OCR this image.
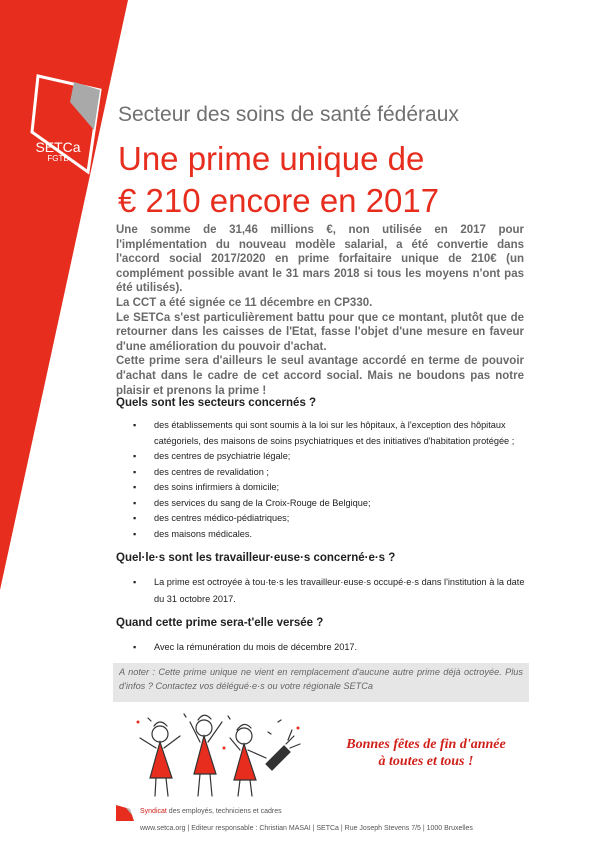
SETCa
FGTB
Secteur des soins de santé fédéraux
Une prime unique de
€ 210 encore en 2017

Une somme de 31,46 millions €, non utilisée en 2017 pour l'implémentation du nouveau modèle salarial, a été convertie dans l'accord social 2017/2020 en prime forfaitaire unique de 210€ (un complément possible avant le 31 mars 2018 si tous les moyens n'ont pas été utilisés).

La CCT a été signée ce 11 décembre en CP330.

Le SETCa s'est particulièrement battu pour que ce montant, plutôt que de retourner dans les caisses de l'Etat, fasse l'objet d'une mesure en faveur d'une amélioration du pouvoir d'achat.

Cette prime sera d'ailleurs le seul avantage accordé en terme de pouvoir d'achat dans le cadre de cet accord social. Mais ne boudons pas notre plaisir et prenons la prime !

Quels sont les secteurs concernés ?
▪ des établissements qui sont soumis à la loi sur les hôpitaux, à l'exception des hôpitaux catégoriels, des maisons de soins psychiatriques et des initiatives d'habitation protégée ;
▪ des centres de psychiatrie légale;
▪ des centres de revalidation ;
▪ des soins infirmiers à domicile;
▪ des services du sang de la Croix-Rouge de Belgique;
▪ des centres médico-pédiatriques;
▪ des maisons médicales.
Quel·le·s sont les travailleur·euse·s concerné·e·s ?
▪ La prime est octroyée à tou·te·s les travailleur·euse·s occupé·e·s dans l'institution à la date du 31 octobre 2017.
Quand cette prime sera-t'elle versée ?
▪ Avec la rémunération du mois de décembre 2017.
A noter : Cette prime unique ne vient en remplacement d'aucune autre prime déjà octroyée. Plus d'infos ? Contactez vos délégué·e·s ou votre régionale SETCa
Bonnes fêtes de fin d'année
à toutes et tous !
Syndicat des employés, techniciens et cadres
www.setca.org | Editeur responsable : Christian MASAI | SETCa | Rue Joseph Stevens 7/5 | 1000 Bruxelles
